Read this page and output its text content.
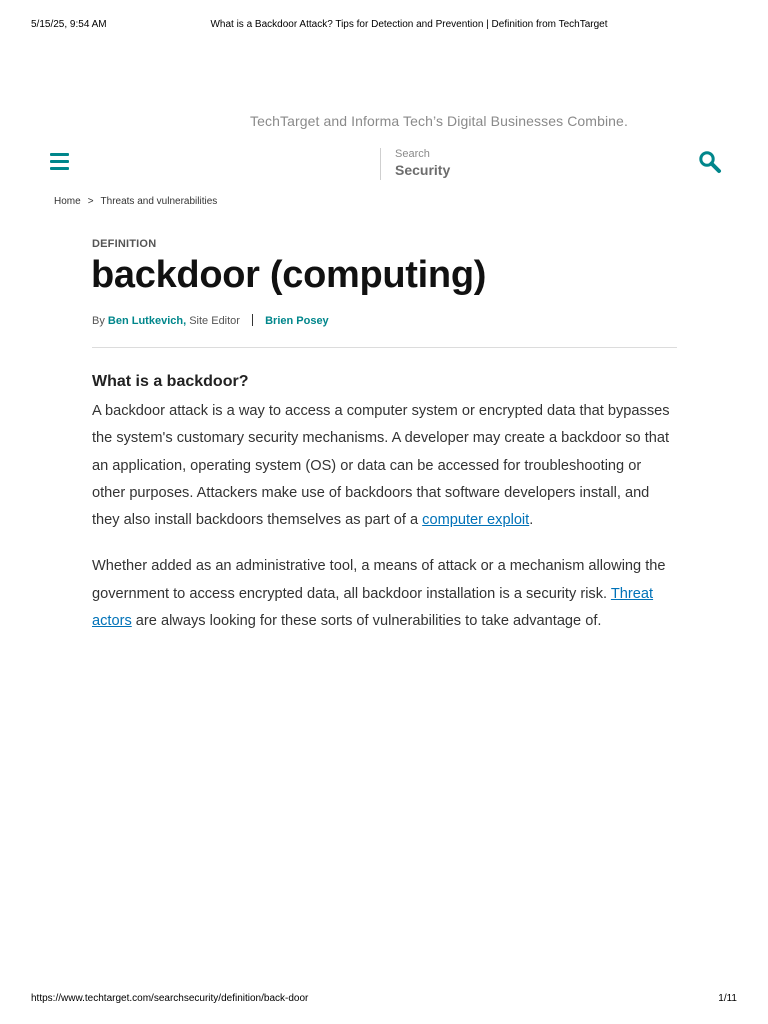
5/15/25, 9:54 AM	What is a Backdoor Attack? Tips for Detection and Prevention | Definition from TechTarget
TechTarget and Informa Tech’s Digital Businesses Combine.
Search
Security
Home > Threats and vulnerabilities
DEFINITION
backdoor (computing)
By Ben Lutkevich, Site Editor Brien Posey
What is a backdoor?

A backdoor attack is a way to access a computer system or encrypted data that bypasses the system's customary security mechanisms. A developer may create a backdoor so that an application, operating system (OS) or data can be accessed for troubleshooting or other purposes. Attackers make use of backdoors that software developers install, and they also install backdoors themselves as part of a computer exploit.

Whether added as an administrative tool, a means of attack or a mechanism allowing the government to access encrypted data, all backdoor installation is a security risk. Threat actors are always looking for these sorts of vulnerabilities to take advantage of.

https://www.techtarget.com/searchsecurity/definition/back-door	1/11
